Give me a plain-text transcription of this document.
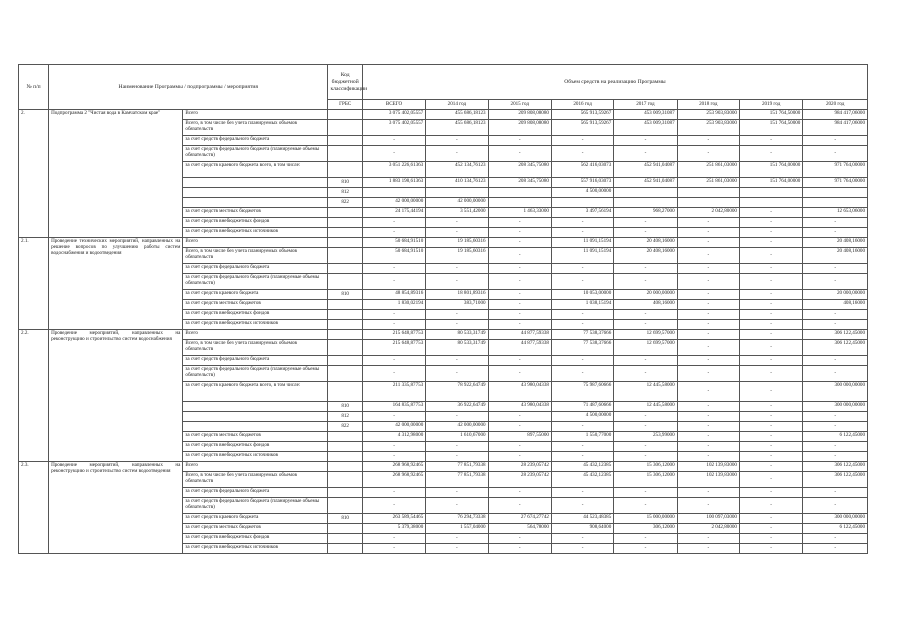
№ п/п	Наименование Программы / подпрограммы / мероприятия		Код бюджетной классификации	Объем средств на реализацию Программы							
			ГРБС	ВСЕГО	2014 год	2015 год	2016 год	2017 год	2018 год	2019 год	2020 год
2.	Подпрограмма 2 "Чистая вода в Камчатском крае"	Всего		3 075 402,05557	455 686,18123	209 808,08080	565 913,59267	453 009,31087	253 903,83000	151 764,50000	984 417,06000
		Всего, в том числе без учета планируемых объемов обязательств		3 075 402,05557	455 686,18123	209 808,08080	565 913,59267	453 009,31087	253 903,83000	151 764,50000	984 417,06000
		за счет средств федерального бюджета		-	-	-	-	-	-	-	-
		за счет средств федерального бюджета (планируемые объемы обязательств)		-	-	-	-	-	-	-	-
		за счет средств краевого бюджета всего, в том числе:		3 051 226,61363	452 134,76123	208 345,75080	562 416,03073	452 941,04087	251 861,03000	151 764,00000	971 764,00000
			810	1 883 198,61363	410 134,76123	208 345,75080	557 916,03073	452 941,04087	251 861,03000	151 764,00000	971 764,00000
			812				4 500,00000				
			822	42 000,00000	42 000,00000						
		за счет средств местных бюджетов		24 175,44194	3 551,42000	1 463,33000	3 497,56194	968,27000	2 042,80000	-	12 653,06000
		за счет средств внебюджетных фондов		-	-	-	-	-	-	-	-
		за счет средств внебюджетных источников		-	-	-	-	-	-	-	-
2.1.	Проведение технических мероприятий, направленных на решение вопросов по улучшению работы систем водоснабжения и водоотведения	Всего		50 684,91510	19 185,60316	-	11 091,15194	20 408,16000	-	-	20 408,16000
		Всего, в том числе без учета планируемых объемов обязательств		50 684,91510	19 185,60316	-	11 091,15194	20 408,16000	-	-	20 408,16000
		за счет средств федерального бюджета		-	-	-	-	-	-	-	-
		за счет средств федерального бюджета (планируемые объемы обязательств)		-	-	-	-	-	-	-	-
		за счет средств краевого бюджета	810	48 854,89316	18 801,89316	-	10 053,00000	20 000,00000	-	-	20 000,00000
		за счет средств местных бюджетов		1 830,02194	383,71000	-	1 038,15194	408,16000	-	-	408,16000
		за счет средств внебюджетных фондов		-	-	-	-	-	-	-	-
		за счет средств внебюджетных источников		-	-	-	-	-	-	-	-
2.2.	Проведение мероприятий, направленных на реконструкцию и строительство систем водоснабжения	Всего		215 648,87753	80 533,31749	44 877,59338	77 538,37666	12 699,57000	-	-	306 122,45000
		Всего, в том числе без учета планируемых объемов обязательств		215 648,87753	80 533,31749	44 877,59338	77 538,37666	12 699,57000	-	-	306 122,45000
		за счет средств федерального бюджета		-	-	-	-	-	-	-	-
		за счет средств федерального бюджета (планируемые объемы обязательств)		-	-	-	-	-	-	-	-
		за счет средств краевого бюджета всего, в том числе:		211 335,87753	78 922,64749	43 980,04338	75 987,60666	12 445,58000	-	-	300 000,00000
			810	164 835,87753	36 922,64749	43 980,04338	71 487,60666	12 445,58000	-	-	300 000,00000
			812	-	-	-	4 500,00000	-	-	-	-
			822	42 000,00000	42 000,00000	-	-	-	-	-	-
		за счет средств местных бюджетов		4 312,98000	1 610,67000	897,55000	1 550,77000	253,99000	-	-	6 122,45000
		за счет средств внебюджетных фондов		-	-	-	-	-	-	-	-
		за счет средств внебюджетных источников		-	-	-	-	-	-	-	-
2.3.	Проведение мероприятий, направленных на реконструкцию и строительство систем водоотведения	Всего		268 968,92465	77 851,79338	28 239,05742	45 432,12385	15 306,12000	102 139,83000	-	306 122,45000
		Всего, в том числе без учета планируемых объемов обязательств		268 968,92465	77 851,79338	28 239,05742	45 432,12385	15 306,12000	102 139,83000	-	306 122,45000
		за счет средств федерального бюджета		-	-	-	-	-	-	-	-
		за счет средств федерального бюджета (планируемые объемы обязательств)		-	-	-	-	-	-	-	-
		за счет средств краевого бюджета	810	263 589,54465	76 294,73338	27 674,27742	44 523,48385	15 000,00000	100 097,03000	-	300 000,00000
		за счет средств местных бюджетов		5 379,38000	1 557,04000	564,78000	908,64000	306,12000	2 042,80000	-	6 122,45000
		за счет средств внебюджетных фондов		-	-	-	-	-	-	-	-
		за счет средств внебюджетных источников		-	-	-	-	-	-	-	-
